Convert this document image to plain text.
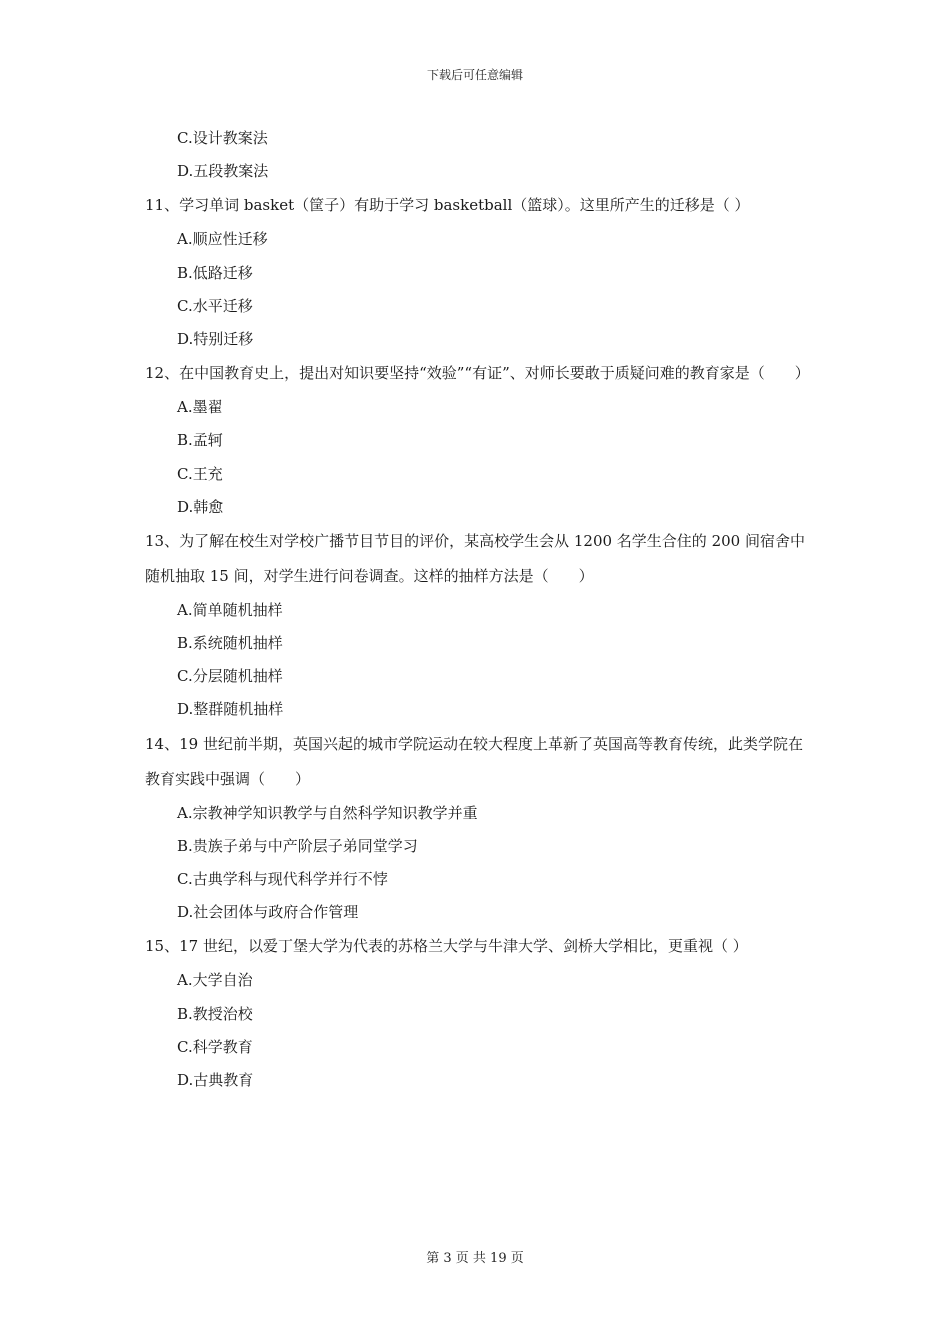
下载后可任意编辑
C.设计教案法
D.五段教案法
11、学习单词 basket（筐子）有助于学习 basketball（篮球）。这里所产生的迁移是（ ）
A.顺应性迁移
B.低路迁移
C.水平迁移
D.特别迁移
12、在中国教育史上，提出对知识要坚持“效验”“有证”、对师长要敢于质疑问难的教育家是（　　）
A.墨翟
B.孟轲
C.王充
D.韩愈
13、为了解在校生对学校广播节目节目的评价，某高校学生会从 1200 名学生合住的 200 间宿舍中随机抽取 15 间，对学生进行问卷调查。这样的抽样方法是（　　）
A.简单随机抽样
B.系统随机抽样
C.分层随机抽样
D.整群随机抽样
14、19 世纪前半期，英国兴起的城市学院运动在较大程度上革新了英国高等教育传统，此类学院在教育实践中强调（　　）
A.宗教神学知识教学与自然科学知识教学并重
B.贵族子弟与中产阶层子弟同堂学习
C.古典学科与现代科学并行不悖
D.社会团体与政府合作管理
15、17 世纪，以爱丁堡大学为代表的苏格兰大学与牛津大学、剑桥大学相比，更重视（ ）
A.大学自治
B.教授治校
C.科学教育
D.古典教育
第 3 页 共 19 页
